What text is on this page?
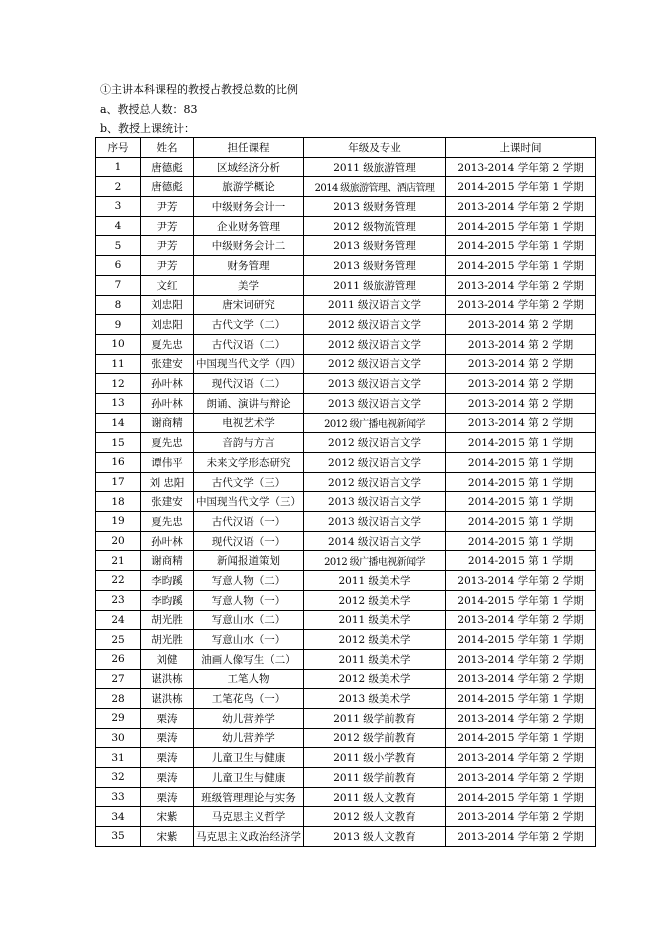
①主讲本科课程的教授占教授总数的比例
a、教授总人数：83
b、教授上课统计：
序号	姓名	担任课程	年级及专业	上课时间
1	唐德彪	区域经济分析	2011 级旅游管理	2013-2014 学年第 2 学期
2	唐德彪	旅游学概论	2014 级旅游管理、酒店管理	2014-2015 学年第 1 学期
3	尹芳	中级财务会计一	2013 级财务管理	2013-2014 学年第 2 学期
4	尹芳	企业财务管理	2012 级物流管理	2014-2015 学年第 1 学期
5	尹芳	中级财务会计二	2013 级财务管理	2014-2015 学年第 1 学期
6	尹芳	财务管理	2013 级财务管理	2014-2015 学年第 1 学期
7	文红	美学	2011 级旅游管理	2013-2014 学年第 2 学期
8	刘忠阳	唐宋词研究	2011 级汉语言文学	2013-2014 学年第 2 学期
9	刘忠阳	古代文学（二）	2012 级汉语言文学	2013-2014 第 2 学期
10	夏先忠	古代汉语（二）	2012 级汉语言文学	2013-2014 第 2 学期
11	张建安	中国现当代文学（四）	2012 级汉语言文学	2013-2014 第 2 学期
12	孙叶林	现代汉语（二）	2013 级汉语言文学	2013-2014 第 2 学期
13	孙叶林	朗诵、演讲与辩论	2013 级汉语言文学	2013-2014 第 2 学期
14	谢商精	电视艺术学	2012 级广播电视新闻学	2013-2014 第 2 学期
15	夏先忠	音韵与方言	2012 级汉语言文学	2014-2015 第 1 学期
16	谭伟平	未来文学形态研究	2012 级汉语言文学	2014-2015 第 1 学期
17	刘 忠阳	古代文学（三）	2012 级汉语言文学	2014-2015 第 1 学期
18	张建安	中国现当代文学（三）	2013 级汉语言文学	2014-2015 第 1 学期
19	夏先忠	古代汉语（一）	2013 级汉语言文学	2014-2015 第 1 学期
20	孙叶林	现代汉语（一）	2014 级汉语言文学	2014-2015 第 1 学期
21	谢商精	新闻报道策划	2012 级广播电视新闻学	2014-2015 第 1 学期
22	李昀蹊	写意人物（二）	2011 级美术学	2013-2014 学年第 2 学期
23	李昀蹊	写意人物（一）	2012 级美术学	2014-2015 学年第 1 学期
24	胡光胜	写意山水（二）	2011 级美术学	2013-2014 学年第 2 学期
25	胡光胜	写意山水（一）	2012 级美术学	2014-2015 学年第 1 学期
26	刘健	油画人像写生（二）	2011 级美术学	2013-2014 学年第 2 学期
27	谌洪栋	工笔人物	2012 级美术学	2013-2014 学年第 2 学期
28	谌洪栋	工笔花鸟（一）	2013 级美术学	2014-2015 学年第 1 学期
29	栗涛	幼儿营养学	2011 级学前教育	2013-2014 学年第 2 学期
30	栗涛	幼儿营养学	2012 级学前教育	2014-2015 学年第 1 学期
31	栗涛	儿童卫生与健康	2011 级小学教育	2013-2014 学年第 2 学期
32	栗涛	儿童卫生与健康	2011 级学前教育	2013-2014 学年第 2 学期
33	栗涛	班级管理理论与实务	2011 级人文教育	2014-2015 学年第 1 学期
34	宋紫	马克思主义哲学	2012 级人文教育	2013-2014 学年第 2 学期
35	宋紫	马克思主义政治经济学	2013 级人文教育	2013-2014 学年第 2 学期
